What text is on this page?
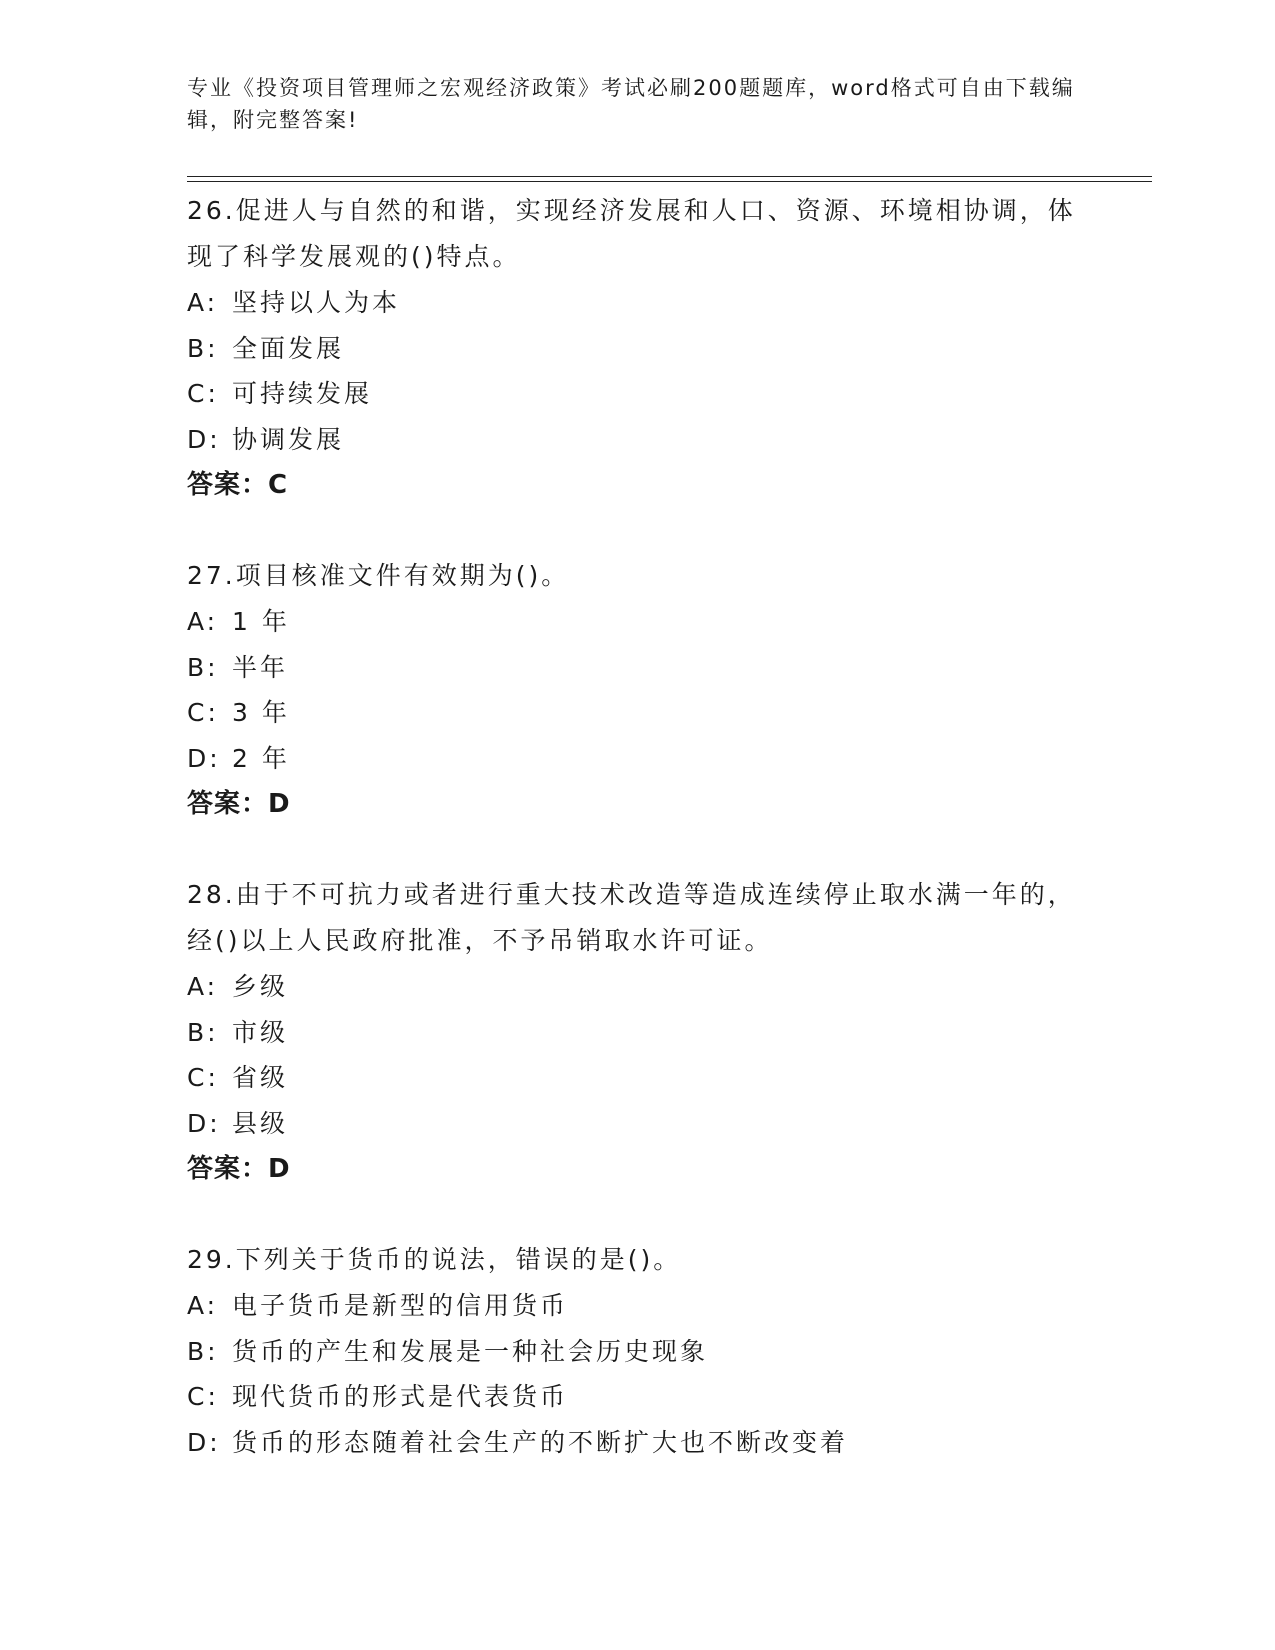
专业《投资项目管理师之宏观经济政策》考试必刷200题题库，word格式可自由下载编辑，附完整答案!

26.促进人与自然的和谐，实现经济发展和人口、资源、环境相协调，体现了科学发展观的()特点。

A: 坚持以人为本
B: 全面发展
C: 可持续发展
D: 协调发展
答案：C

27.项目核准文件有效期为()。

A: 1 年
B: 半年
C: 3 年
D: 2 年
答案：D

28.由于不可抗力或者进行重大技术改造等造成连续停止取水满一年的，经()以上人民政府批准，不予吊销取水许可证。

A: 乡级
B: 市级
C: 省级
D: 县级
答案：D

29.下列关于货币的说法，错误的是()。

A: 电子货币是新型的信用货币
B: 货币的产生和发展是一种社会历史现象
C: 现代货币的形式是代表货币
D: 货币的形态随着社会生产的不断扩大也不断改变着
